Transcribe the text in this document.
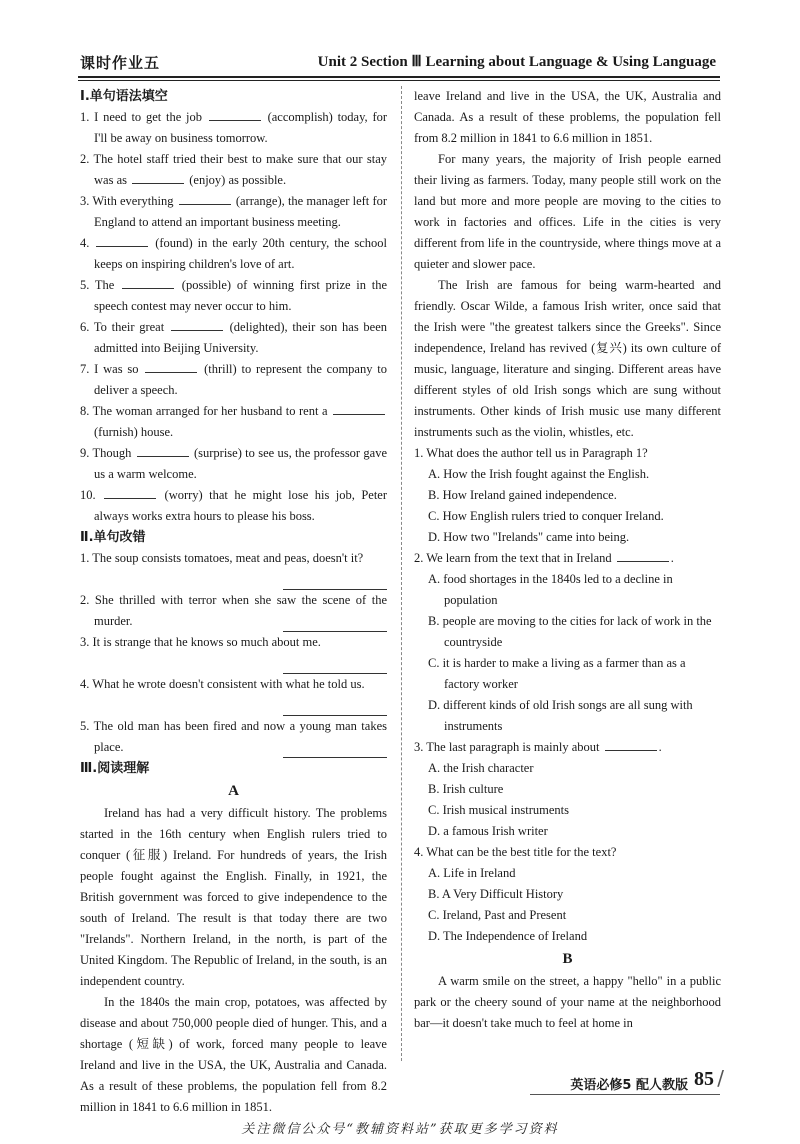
课时作业五	Unit 2 Section Ⅲ Learning about Language & Using Language
Ⅰ.单句语法填空
1. I need to get the job	(accomplish) today, for I'll be away on business tomorrow.
2. The hotel staff tried their best to make sure that our stay was as	(enjoy) as possible.
3. With everything	(arrange), the manager left for England to attend an important business meeting.
4.	(found) in the early 20th century, the school keeps on inspiring children's love of art.
5. The	(possible) of winning first prize in the speech contest may never occur to him.
6. To their great	(delighted), their son has been admitted into Beijing University.
7. I was so	(thrill) to represent the company to deliver a speech.
8. The woman arranged for her husband to rent a  (furnish) house.
9. Though	(surprise) to see us, the professor gave us a warm welcome.
10.	(worry) that he might lose his job, Peter always works extra hours to please his boss.
Ⅱ.单句改错
1. The soup consists tomatoes, meat and peas, doesn't it?
2. She thrilled with terror when she saw the scene of the murder.
3. It is strange that he knows so much about me.
4. What he wrote doesn't consistent with what he told us.
5. The old man has been fired and now a young man takes place.
Ⅲ.阅读理解
A
Ireland has had a very difficult history. The problems started in the 16th century when English rulers tried to conquer (征服) Ireland. For hundreds of years, the Irish people fought against the English. Finally, in 1921, the British government was forced to give independence to the south of Ireland. The result is that today there are two "Irelands". Northern Ireland, in the north, is part of the United Kingdom. The Republic of Ireland, in the south, is an independent country.
In the 1840s the main crop, potatoes, was affected by disease and about 750,000 people died of hunger. This, and a shortage (短缺) of work, forced many people to leave Ireland and live in the USA, the UK, Australia and Canada. As a result of these problems, the population fell from 8.2 million in 1841 to 6.6 million in 1851.
leave Ireland and live in the USA, the UK, Australia and Canada. As a result of these problems, the population fell from 8.2 million in 1841 to 6.6 million in 1851.
For many years, the majority of Irish people earned their living as farmers. Today, many people still work on the land but more and more people are moving to the cities to work in factories and offices. Life in the cities is very different from life in the countryside, where things move at a quieter and slower pace.
The Irish are famous for being warm-hearted and friendly. Oscar Wilde, a famous Irish writer, once said that the Irish were "the greatest talkers since the Greeks". Since independence, Ireland has revived (复兴) its own culture of music, language, literature and singing. Different areas have different styles of old Irish songs which are sung without instruments. Other kinds of Irish music use many different instruments such as the violin, whistles, etc.
1. What does the author tell us in Paragraph 1?
A. How the Irish fought against the English.
B. How Ireland gained independence.
C. How English rulers tried to conquer Ireland.
D. How two "Irelands" came into being.
2. We learn from the text that in Ireland	.
A. food shortages in the 1840s led to a decline in population
B. people are moving to the cities for lack of work in the countryside
C. it is harder to make a living as a farmer than as a factory worker
D. different kinds of old Irish songs are all sung with instruments
3. The last paragraph is mainly about	.
A. the Irish character
B. Irish culture
C. Irish musical instruments
D. a famous Irish writer
4. What can be the best title for the text?
A. Life in Ireland
B. A Very Difficult History
C. Ireland, Past and Present
D. The Independence of Ireland
B
A warm smile on the street, a happy "hello" in a public park or the cheery sound of your name at the neighborhood bar—it doesn't take much to feel at home in
英语必修5 配人教版 85 /
关注微信公众号“教辅资料站”获取更多学习资料
